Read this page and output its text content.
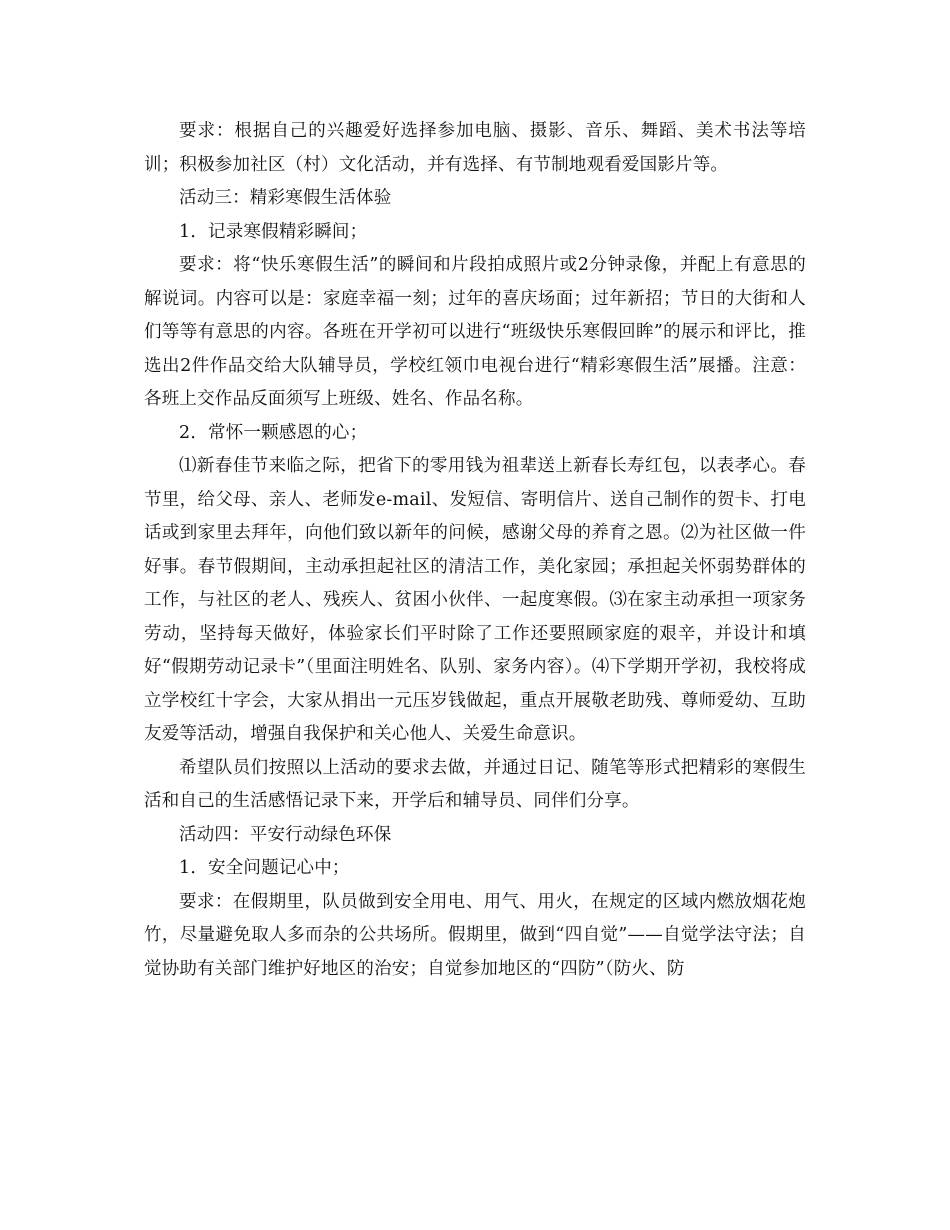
要求：根据自己的兴趣爱好选择参加电脑、摄影、音乐、舞蹈、美术书法等培训；积极参加社区（村）文化活动，并有选择、有节制地观看爱国影片等。

活动三：精彩寒假生活体验

1．记录寒假精彩瞬间；

要求：将“快乐寒假生活”的瞬间和片段拍成照片或2分钟录像，并配上有意思的解说词。内容可以是：家庭幸福一刻；过年的喜庆场面；过年新招；节日的大街和人们等等有意思的内容。各班在开学初可以进行“班级快乐寒假回眸”的展示和评比，推选出2件作品交给大队辅导员，学校红领巾电视台进行“精彩寒假生活”展播。注意：各班上交作品反面须写上班级、姓名、作品名称。

2．常怀一颗感恩的心；

⑴新春佳节来临之际，把省下的零用钱为祖辈送上新春长寿红包，以表孝心。春节里，给父母、亲人、老师发e-mail、发短信、寄明信片、送自己制作的贺卡、打电话或到家里去拜年，向他们致以新年的问候，感谢父母的养育之恩。⑵为社区做一件好事。春节假期间，主动承担起社区的清洁工作，美化家园；承担起关怀弱势群体的工作，与社区的老人、残疾人、贫困小伙伴、一起度寒假。⑶在家主动承担一项家务劳动，坚持每天做好，体验家长们平时除了工作还要照顾家庭的艰辛，并设计和填好“假期劳动记录卡”（里面注明姓名、队别、家务内容）。⑷下学期开学初，我校将成立学校红十字会，大家从捐出一元压岁钱做起，重点开展敬老助残、尊师爱幼、互助友爱等活动，增强自我保护和关心他人、关爱生命意识。

希望队员们按照以上活动的要求去做，并通过日记、随笔等形式把精彩的寒假生活和自己的生活感悟记录下来，开学后和辅导员、同伴们分享。

活动四：平安行动绿色环保

1．安全问题记心中；

要求：在假期里，队员做到安全用电、用气、用火，在规定的区域内燃放烟花炮竹，尽量避免取人多而杂的公共场所。假期里，做到“四自觉”——自觉学法守法；自觉协助有关部门维护好地区的治安；自觉参加地区的“四防”（防火、防
